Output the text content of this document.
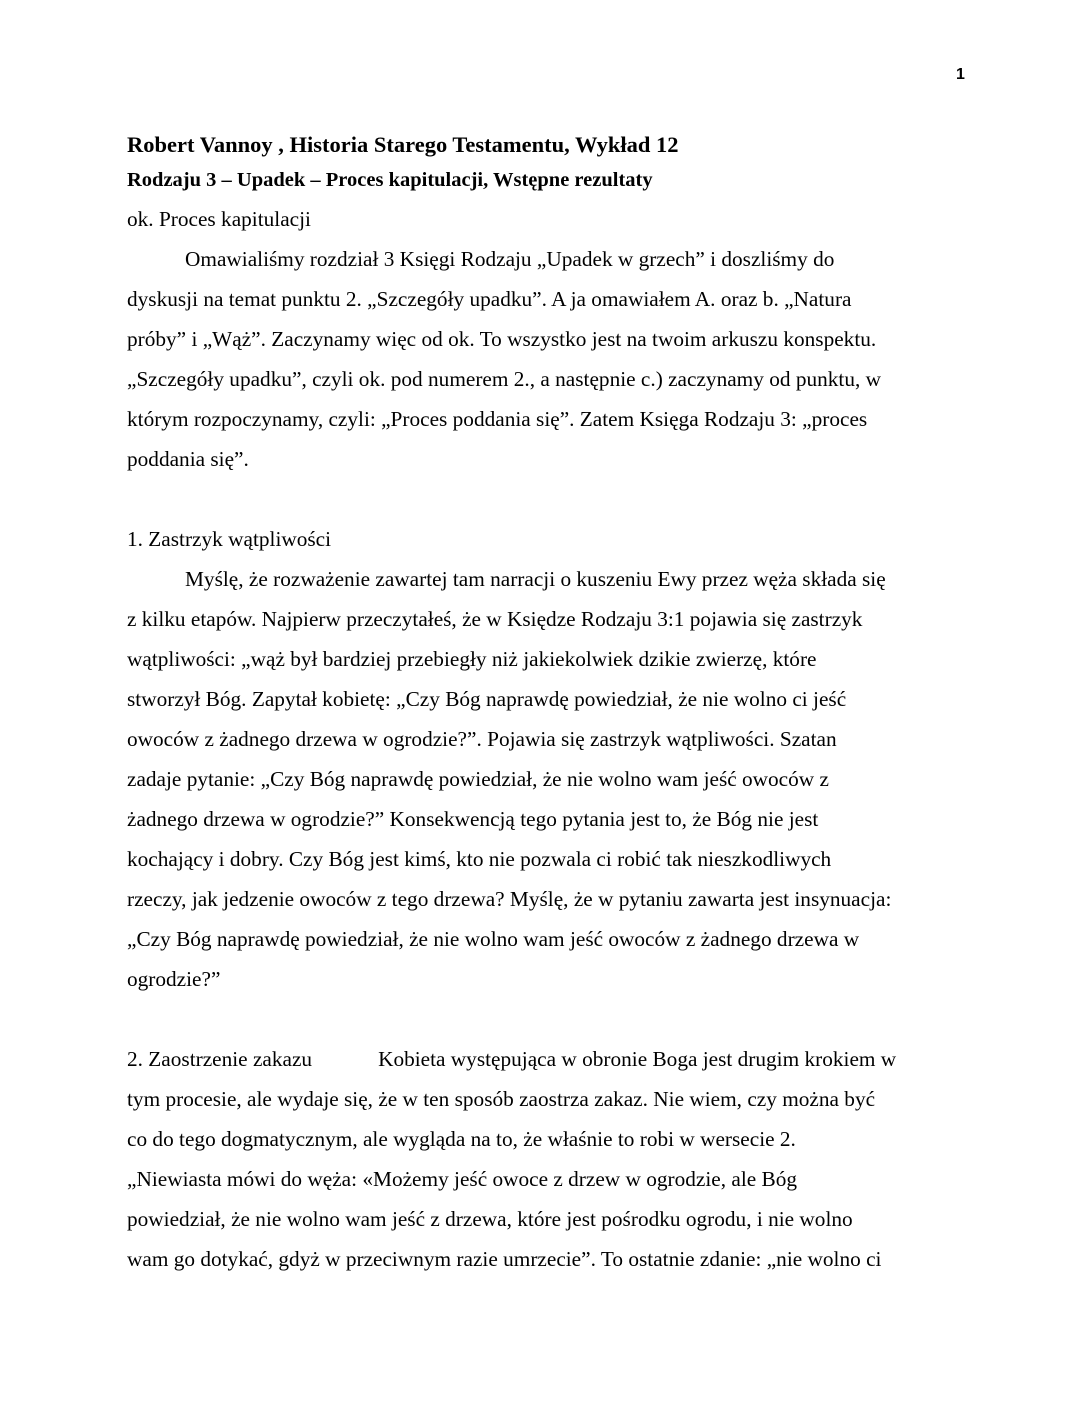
1
Robert Vannoy , Historia Starego Testamentu, Wykład 12
Rodzaju 3 – Upadek – Proces kapitulacji, Wstępne rezultaty
ok. Proces kapitulacji
Omawialiśmy rozdział 3 Księgi Rodzaju „Upadek w grzech” i doszliśmy do
dyskusji na temat punktu 2. „Szczegóły upadku”. A ja omawiałem A. oraz b. „Natura
próby” i „Wąż”. Zaczynamy więc od ok. To wszystko jest na twoim arkuszu konspektu.
„Szczegóły upadku”, czyli ok. pod numerem 2., a następnie c.) zaczynamy od punktu, w
którym rozpoczynamy, czyli: „Proces poddania się”. Zatem Księga Rodzaju 3: „proces
poddania się”.
1. Zastrzyk wątpliwości
Myślę, że rozważenie zawartej tam narracji o kuszeniu Ewy przez węża składa się
z kilku etapów. Najpierw przeczytałeś, że w Księdze Rodzaju 3:1 pojawia się zastrzyk
wątpliwości: „wąż był bardziej przebiegły niż jakiekolwiek dzikie zwierzę, które
stworzył Bóg. Zapytał kobietę: „Czy Bóg naprawdę powiedział, że nie wolno ci jeść
owoców z żadnego drzewa w ogrodzie?”. Pojawia się zastrzyk wątpliwości. Szatan
zadaje pytanie: „Czy Bóg naprawdę powiedział, że nie wolno wam jeść owoców z
żadnego drzewa w ogrodzie?” Konsekwencją tego pytania jest to, że Bóg nie jest
kochający i dobry. Czy Bóg jest kimś, kto nie pozwala ci robić tak nieszkodliwych
rzeczy, jak jedzenie owoców z tego drzewa? Myślę, że w pytaniu zawarta jest insynuacja:
„Czy Bóg naprawdę powiedział, że nie wolno wam jeść owoców z żadnego drzewa w
ogrodzie?”
2. Zaostrzenie zakazu	Kobieta występująca w obronie Boga jest drugim krokiem w
tym procesie, ale wydaje się, że w ten sposób zaostrza zakaz. Nie wiem, czy można być
co do tego dogmatycznym, ale wygląda na to, że właśnie to robi w wersecie 2.
„Niewiasta mówi do węża: «Możemy jeść owoce z drzew w ogrodzie, ale Bóg
powiedział, że nie wolno wam jeść z drzewa, które jest pośrodku ogrodu, i nie wolno
wam go dotykać, gdyż w przeciwnym razie umrzecie”. To ostatnie zdanie: „nie wolno ci
